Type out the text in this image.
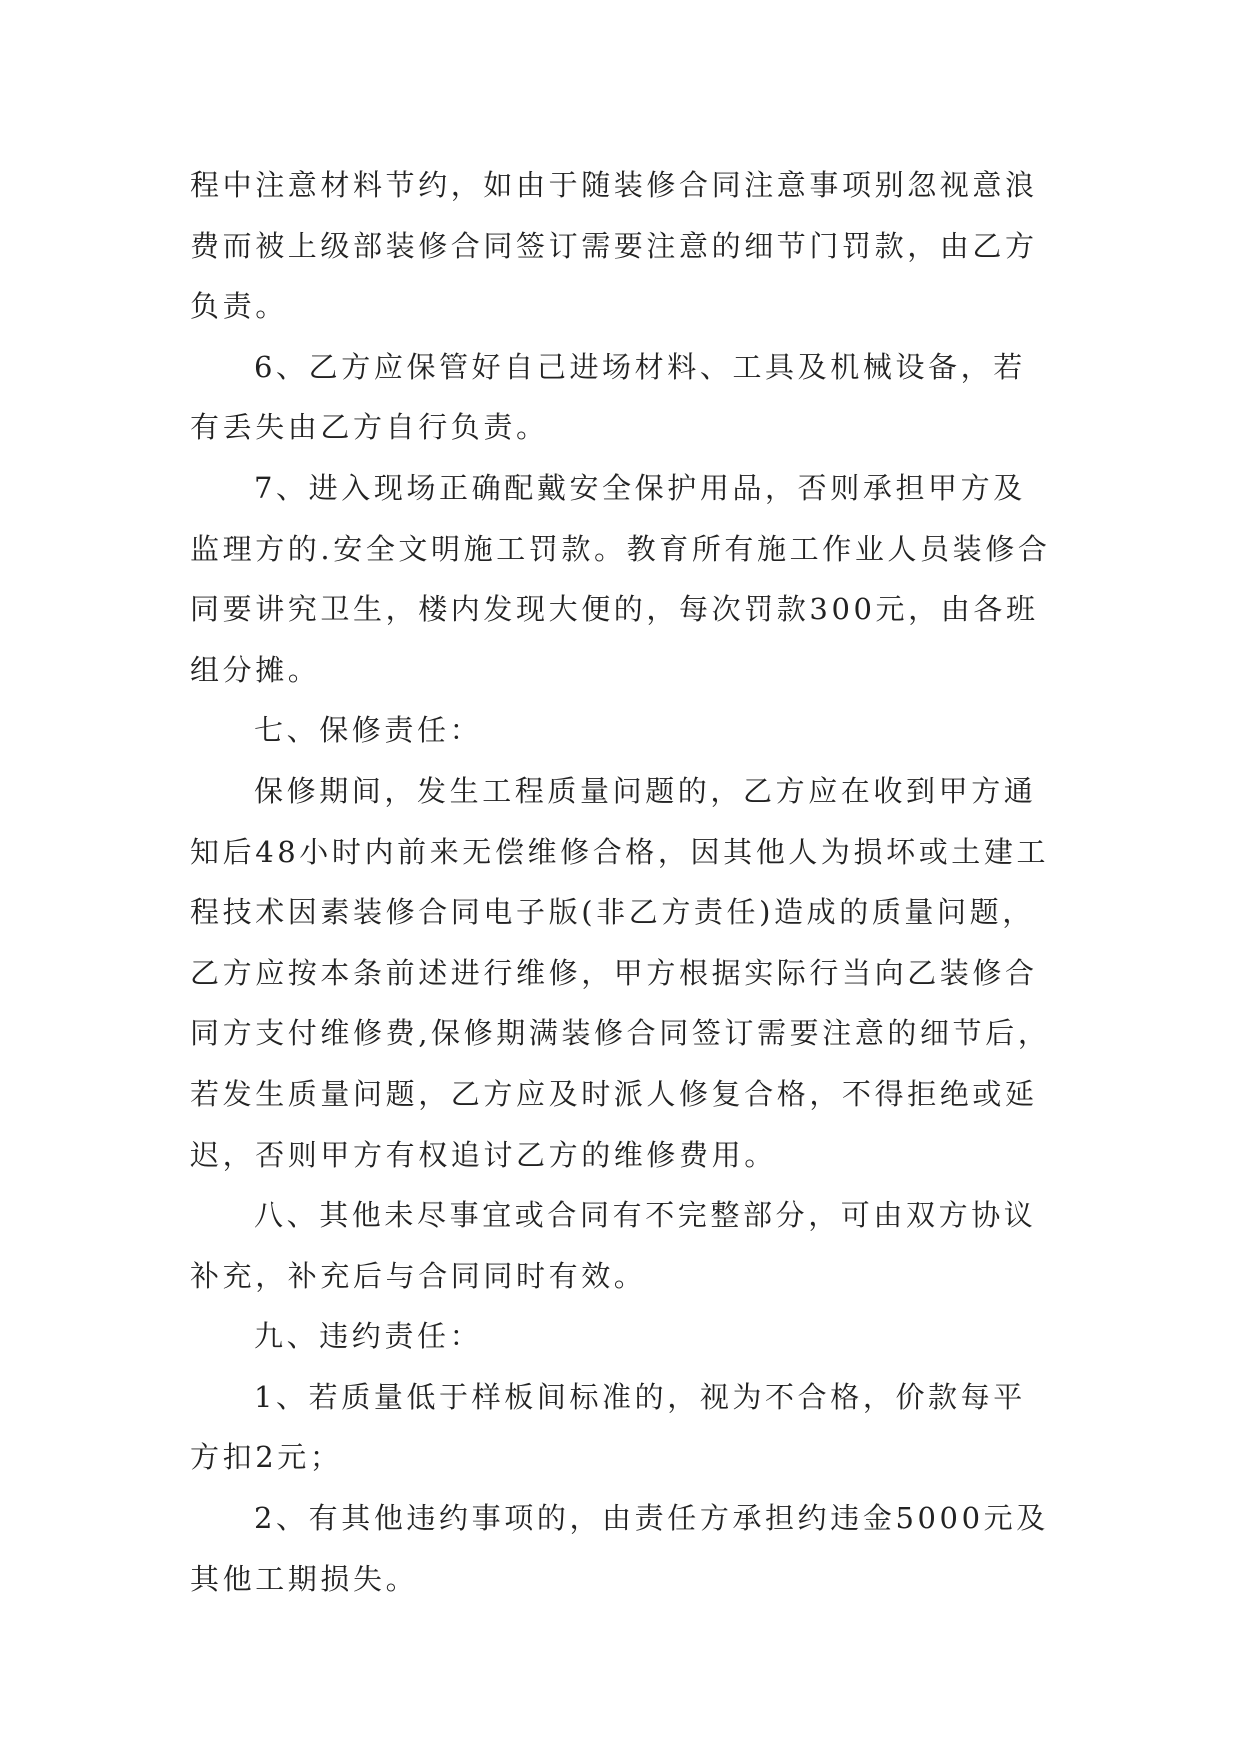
程中注意材料节约，如由于随装修合同注意事项别忽视意浪费而被上级部装修合同签订需要注意的细节门罚款，由乙方负责。

6、乙方应保管好自己进场材料、工具及机械设备，若有丢失由乙方自行负责。

7、进入现场正确配戴安全保护用品，否则承担甲方及监理方的.安全文明施工罚款。教育所有施工作业人员装修合同要讲究卫生，楼内发现大便的，每次罚款300元，由各班组分摊。

七、保修责任：

保修期间，发生工程质量问题的，乙方应在收到甲方通知后48小时内前来无偿维修合格，因其他人为损坏或土建工程技术因素装修合同电子版(非乙方责任)造成的质量问题，乙方应按本条前述进行维修，甲方根据实际行当向乙装修合同方支付维修费,保修期满装修合同签订需要注意的细节后，若发生质量问题，乙方应及时派人修复合格，不得拒绝或延迟，否则甲方有权追讨乙方的维修费用。

八、其他未尽事宜或合同有不完整部分，可由双方协议补充，补充后与合同同时有效。

九、违约责任：

1、若质量低于样板间标准的，视为不合格，价款每平方扣2元；

2、有其他违约事项的，由责任方承担约违金5000元及其他工期损失。
